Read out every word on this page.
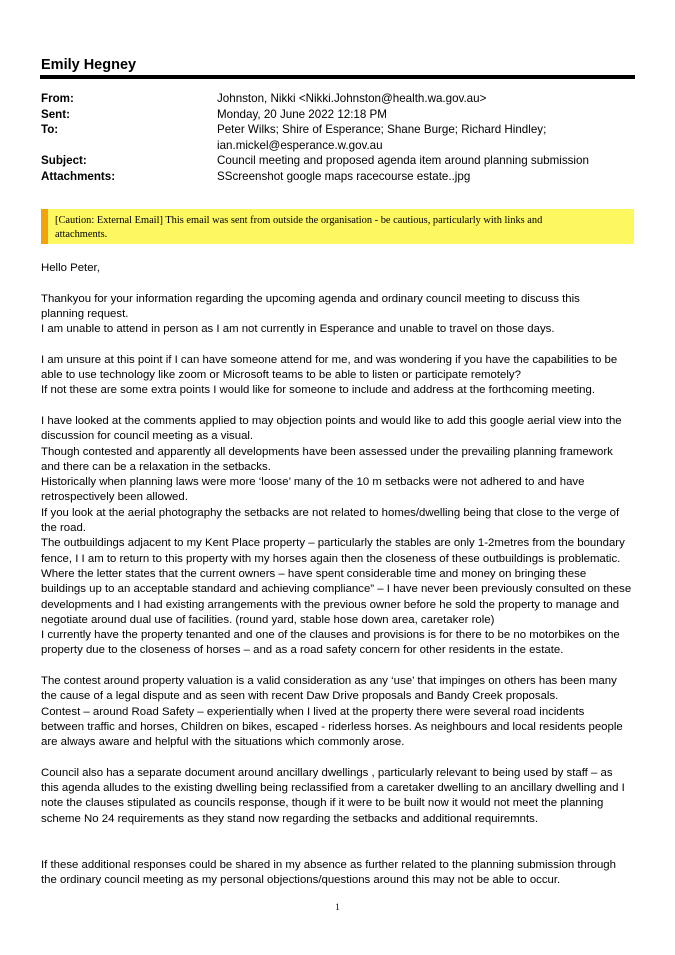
Emily Hegney
From:	Johnston, Nikki <Nikki.Johnston@health.wa.gov.au>
Sent:	Monday, 20 June 2022 12:18 PM
To:	Peter Wilks; Shire of Esperance; Shane Burge; Richard Hindley;
ian.mickel@esperance.w.gov.au
Subject:	Council meeting and proposed agenda item around planning submission
Attachments:	SScreenshot google maps racecourse estate..jpg
[Caution: External Email] This email was sent from outside the organisation - be cautious, particularly with links and
attachments.

Hello Peter,

Thankyou for your information regarding the upcoming agenda and ordinary council meeting to discuss this

planning request.

I am unable to attend in person as I am not currently in Esperance and unable to travel on those days.

I am unsure at this point if I can have someone attend for me, and was wondering if you have the capabilities to be

able to use technology like zoom or Microsoft teams to be able to listen or participate remotely?

If not these are some extra points I would like for someone to include and address at the forthcoming meeting.

I have looked at the comments applied to may objection points and would like to add this google aerial view into the

discussion for council meeting as a visual.

Though contested and apparently all developments have been assessed under the prevailing planning framework

and there can be a relaxation in the setbacks.

Historically when planning laws were more ‘loose’ many of the 10 m setbacks were not adhered to and have

retrospectively been allowed.

If you look at the aerial photography the setbacks are not related to homes/dwelling being that close to the verge of

the road.

The outbuildings adjacent to my Kent Place property – particularly the stables are only 1-2metres from the boundary

fence, I I am to return to this property with my horses again then the closeness of these outbuildings is problematic.

Where the letter states that the current owners – have spent considerable time and money on bringing these

buildings up to an acceptable standard and achieving compliance” – I have never been previously consulted on these

developments and I had existing arrangements with the previous owner before he sold the property to manage and

negotiate around dual use of facilities. (round yard, stable hose down area, caretaker role)

I currently have the property tenanted and one of the clauses and provisions is for there to be no motorbikes on the

property due to the closeness of horses – and as a road safety concern for other residents in the estate.

The contest around property valuation is a valid consideration as any ‘use’ that impinges on others has been many

the cause of a legal dispute and as seen with recent Daw Drive proposals and Bandy Creek proposals.

Contest – around Road Safety – experientially when I lived at the property there were several road incidents

between traffic and horses, Children on bikes, escaped - riderless horses. As neighbours and local residents people

are always aware and helpful with the situations which commonly arose.

Council also has a separate document around ancillary dwellings , particularly relevant to being used by staff – as

this agenda alludes to the existing dwelling being reclassified from a caretaker dwelling to an ancillary dwelling and I

note the clauses stipulated as councils response, though if it were to be built now it would not meet the planning

scheme No 24 requirements as they stand now regarding the setbacks and additional requiremnts.

If these additional responses could be shared in my absence as further related to the planning submission through

the ordinary council meeting as my personal objections/questions around this may not be able to occur.

1
